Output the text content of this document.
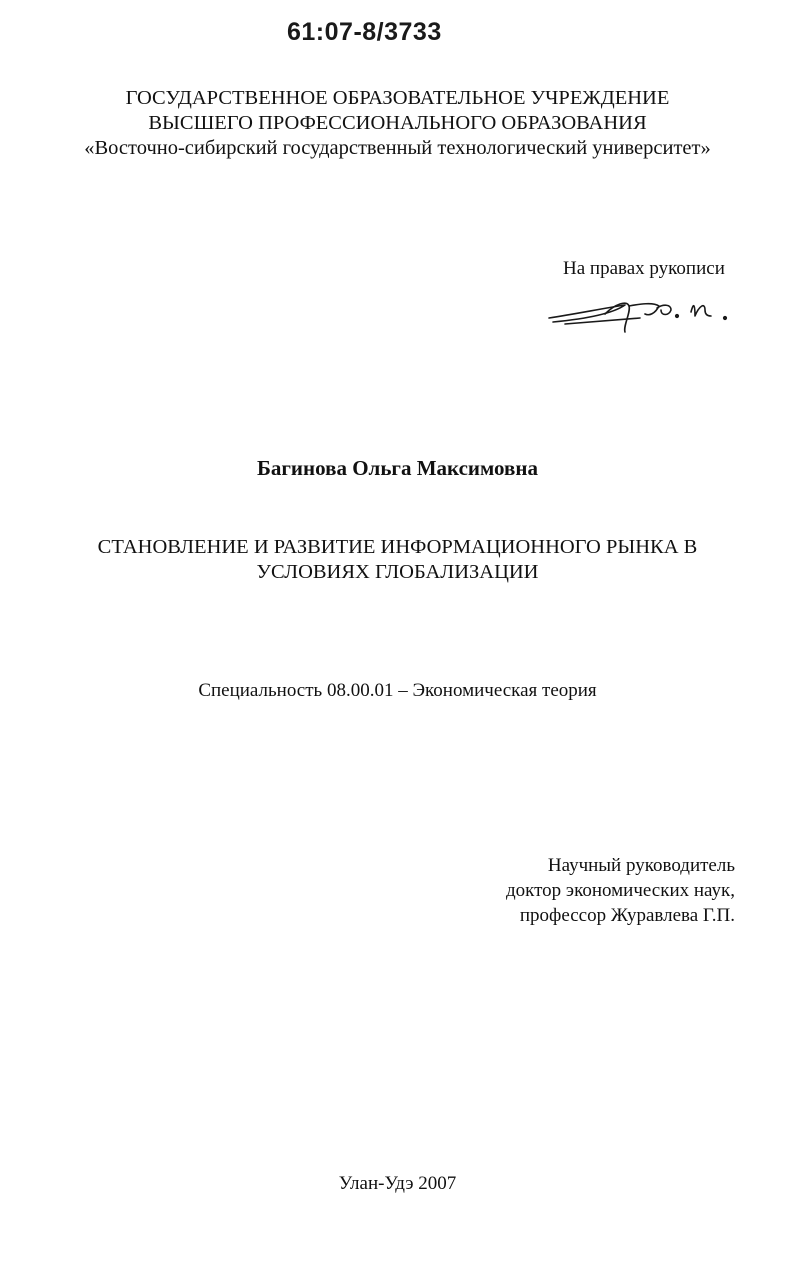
61:07-8/3733
ГОСУДАРСТВЕННОЕ ОБРАЗОВАТЕЛЬНОЕ УЧРЕЖДЕНИЕ
ВЫСШЕГО ПРОФЕССИОНАЛЬНОГО ОБРАЗОВАНИЯ
«Восточно-сибирский государственный технологический университет»
На правах рукописи
Багинова Ольга Максимовна
СТАНОВЛЕНИЕ И РАЗВИТИЕ ИНФОРМАЦИОННОГО РЫНКА В
УСЛОВИЯХ ГЛОБАЛИЗАЦИИ
Специальность 08.00.01 – Экономическая теория
Научный руководитель
доктор экономических наук,
профессор Журавлева Г.П.
Улан-Удэ 2007
